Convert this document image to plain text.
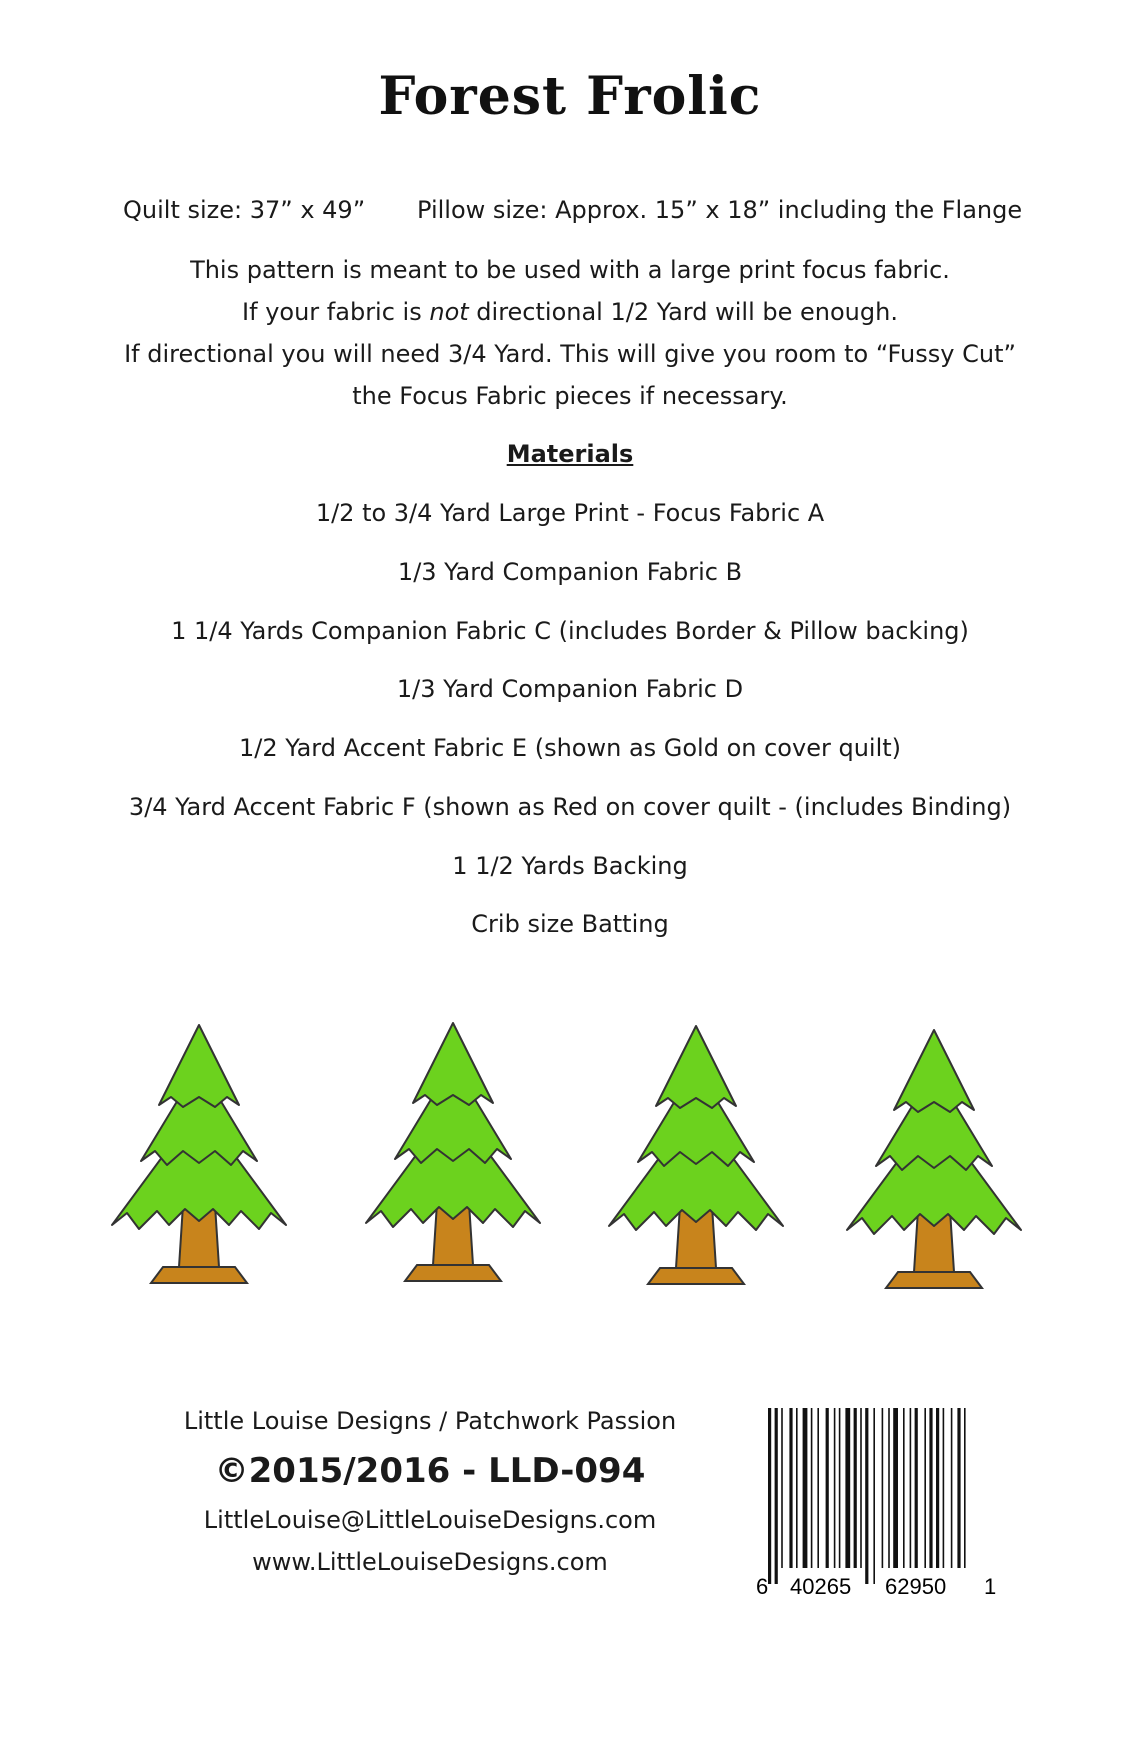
Forest Frolic
Quilt size: 37” x 49” Pillow size: Approx. 15” x 18” including the Flange
This pattern is meant to be used with a large print focus fabric.
If your fabric is not directional 1/2 Yard will be enough.
If directional you will need 3/4 Yard. This will give you room to “Fussy Cut”
the Focus Fabric pieces if necessary.
Materials
1/2 to 3/4 Yard Large Print - Focus Fabric A
1/3 Yard Companion Fabric B
1 1/4 Yards Companion Fabric C (includes Border & Pillow backing)
1/3 Yard Companion Fabric D
1/2 Yard Accent Fabric E (shown as Gold on cover quilt)
3/4 Yard Accent Fabric F (shown as Red on cover quilt - (includes Binding)
1 1/2 Yards Backing
Crib size Batting
Little Louise Designs / Patchwork Passion
©2015/2016 - LLD-094
LittleLouise@LittleLouiseDesigns.com
www.LittleLouiseDesigns.com
6 40265 62950 1
